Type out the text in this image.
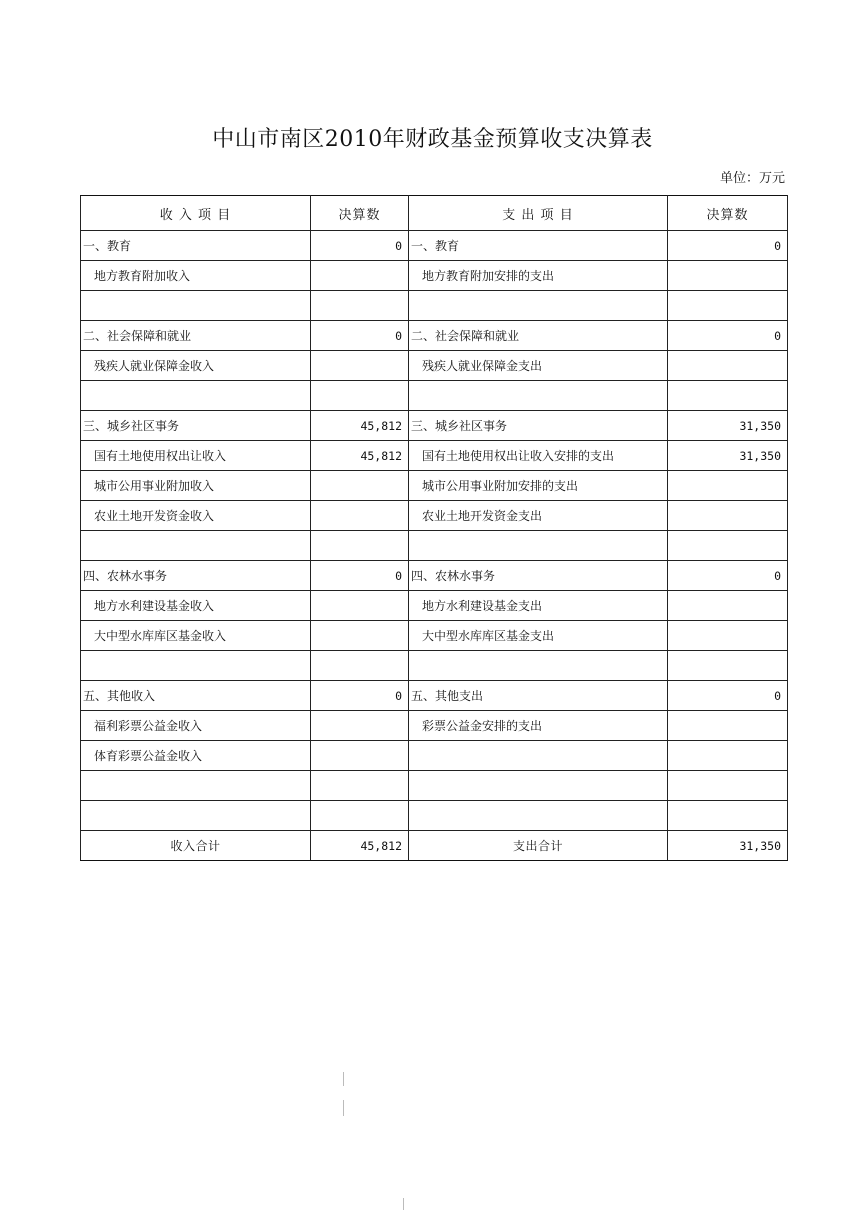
中山市南区2010年财政基金预算收支决算表
单位：万元
收 入 项 目	决算数	支 出 项 目	决算数
一、教育	0	一、教育	0
地方教育附加收入		地方教育附加安排的支出	

二、社会保障和就业	0	二、社会保障和就业	0
残疾人就业保障金收入		残疾人就业保障金支出	

三、城乡社区事务	45,812	三、城乡社区事务	31,350
国有土地使用权出让收入	45,812	国有土地使用权出让收入安排的支出	31,350
城市公用事业附加收入		城市公用事业附加安排的支出	
农业土地开发资金收入		农业土地开发资金支出	

四、农林水事务	0	四、农林水事务	0
地方水利建设基金收入		地方水利建设基金支出	
大中型水库库区基金收入		大中型水库库区基金支出	

五、其他收入	0	五、其他支出	0
福利彩票公益金收入		彩票公益金安排的支出	
体育彩票公益金收入			

收入合计	45,812	支出合计	31,350
